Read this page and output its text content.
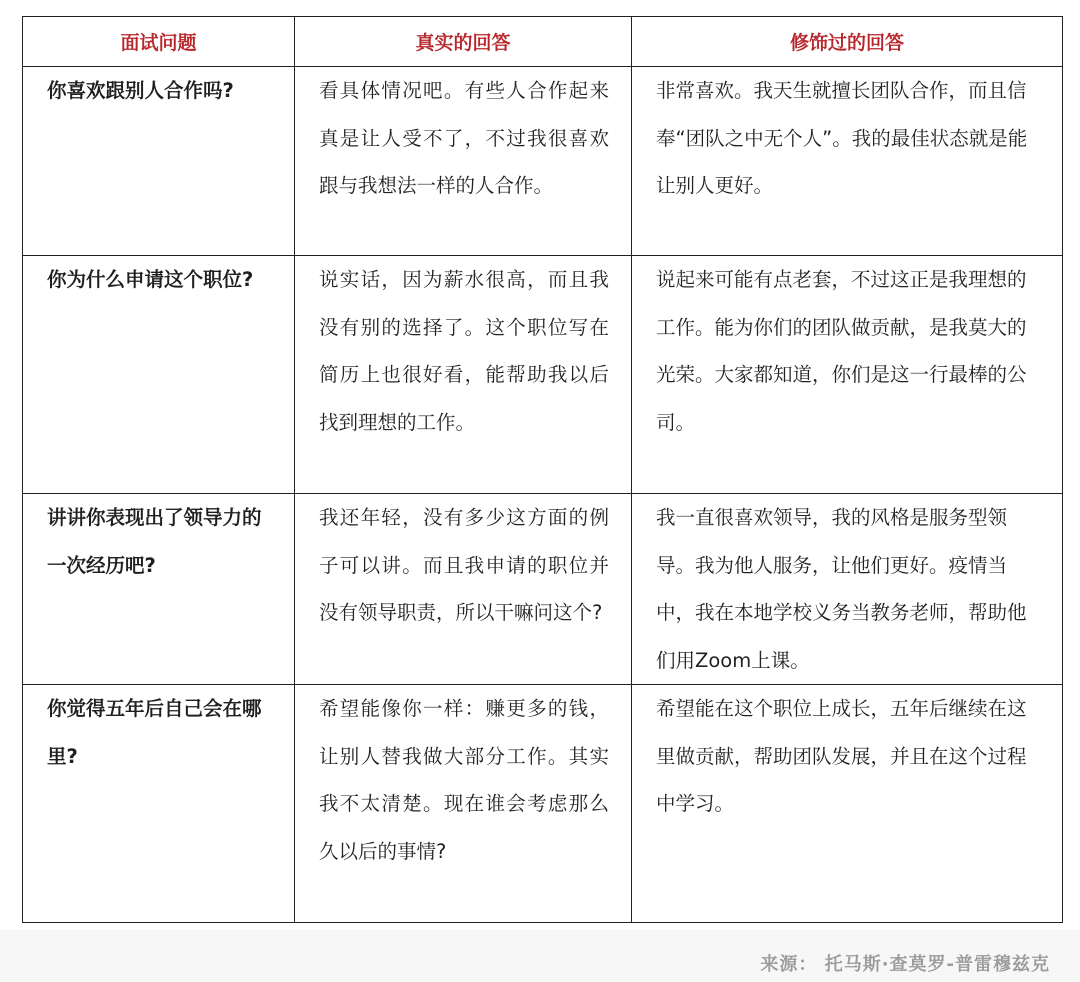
面试问题	真实的回答	修饰过的回答

你喜欢跟别人合作吗?	看具体情况吧。有些人合作起来真是让人受不了，不过我很喜欢跟与我想法一样的人合作。	非常喜欢。我天生就擅长团队合作，而且信奉“团队之中无个人”。我的最佳状态就是能让别人更好。

你为什么申请这个职位?	说实话，因为薪水很高，而且我没有别的选择了。这个职位写在简历上也很好看，能帮助我以后找到理想的工作。	说起来可能有点老套，不过这正是我理想的工作。能为你们的团队做贡献，是我莫大的光荣。大家都知道，你们是这一行最棒的公司。

讲讲你表现出了领导力的一次经历吧?	我还年轻，没有多少这方面的例子可以讲。而且我申请的职位并没有领导职责，所以干嘛问这个?	我一直很喜欢领导，我的风格是服务型领导。我为他人服务，让他们更好。疫情当中，我在本地学校义务当教务老师，帮助他们用Zoom上课。

你觉得五年后自己会在哪里?	希望能像你一样：赚更多的钱，让别人替我做大部分工作。其实我不太清楚。现在谁会考虑那么久以后的事情?	希望能在这个职位上成长，五年后继续在这里做贡献，帮助团队发展，并且在这个过程中学习。
来源： 托马斯·查莫罗-普雷穆兹克
